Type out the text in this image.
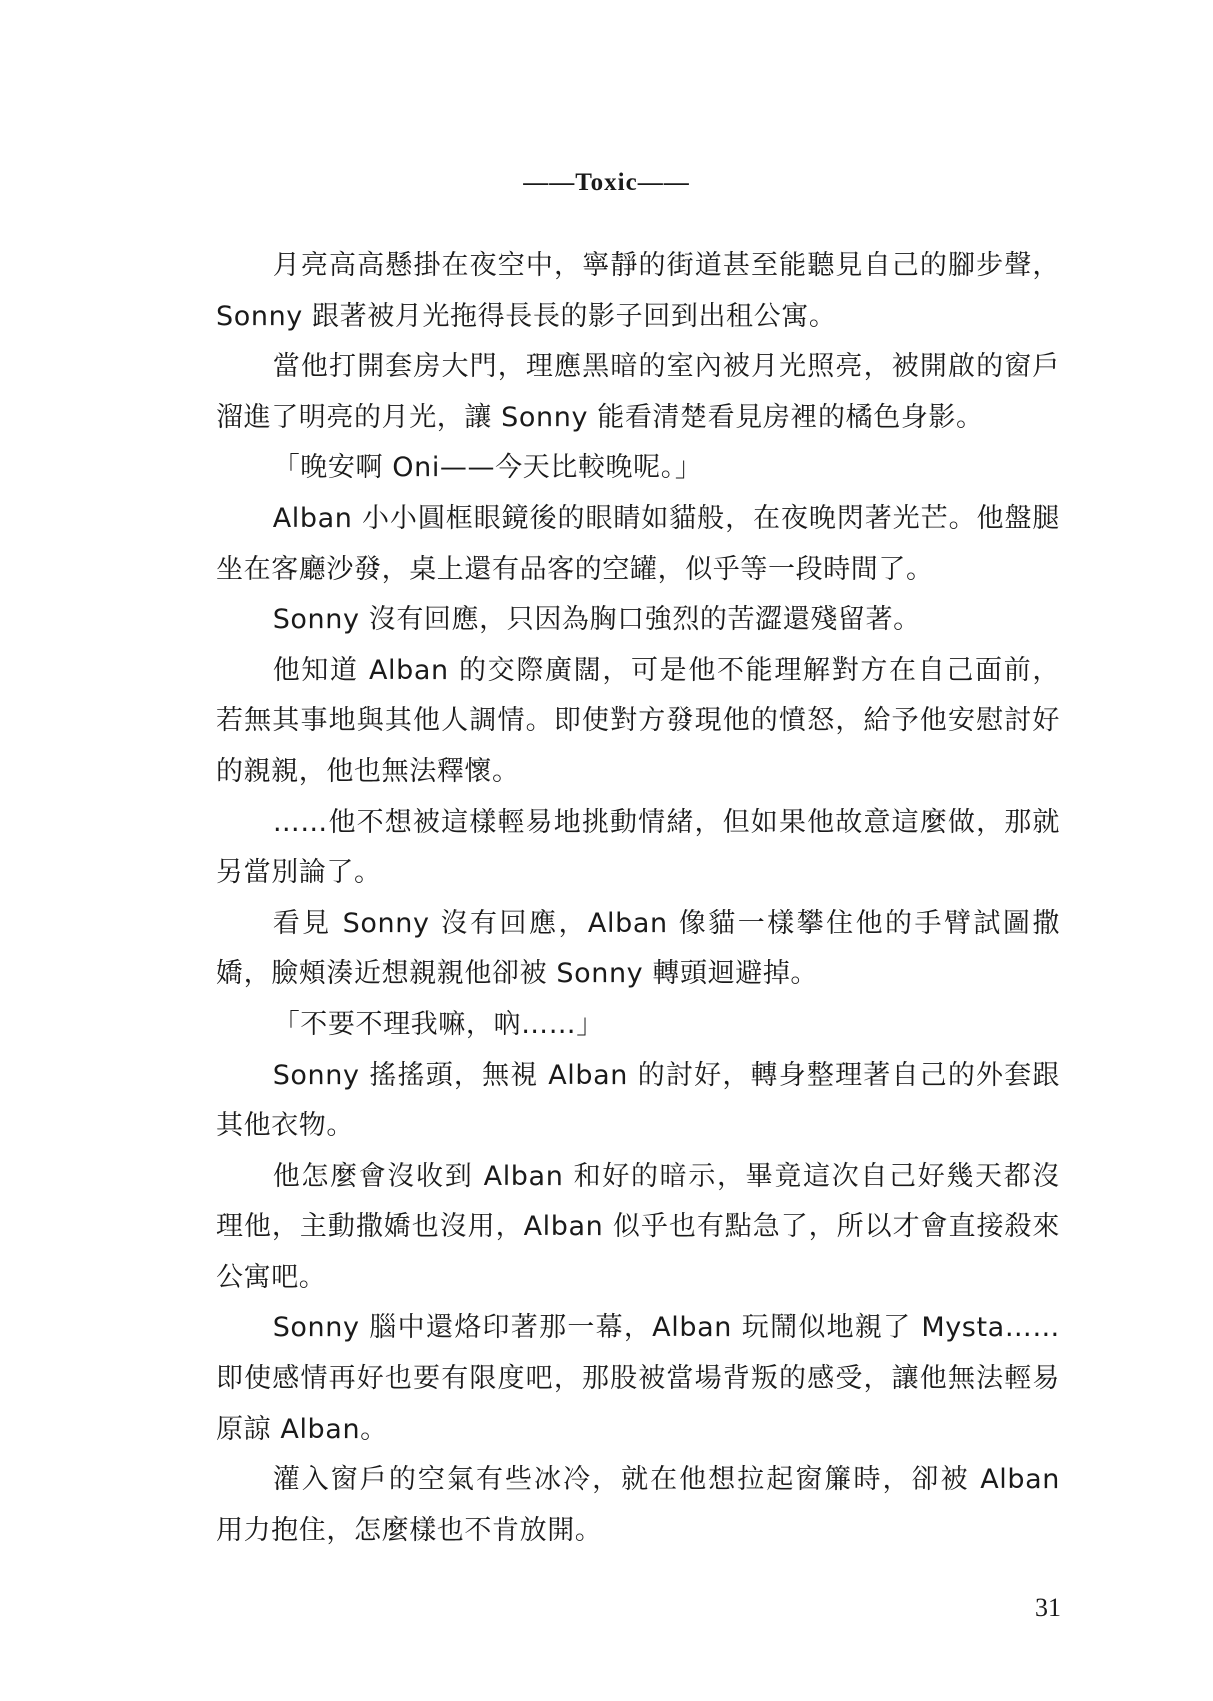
——Toxic——

月亮高高懸掛在夜空中，寧靜的街道甚至能聽見自己的腳步聲，Sonny 跟著被月光拖得長長的影子回到出租公寓。

當他打開套房大門，理應黑暗的室內被月光照亮，被開啟的窗戶溜進了明亮的月光，讓 Sonny 能看清楚看見房裡的橘色身影。

「晚安啊 Oni——今天比較晚呢。」

Alban 小小圓框眼鏡後的眼睛如貓般，在夜晚閃著光芒。他盤腿坐在客廳沙發，桌上還有品客的空罐，似乎等一段時間了。

Sonny 沒有回應，只因為胸口強烈的苦澀還殘留著。

他知道 Alban 的交際廣闊，可是他不能理解對方在自己面前，若無其事地與其他人調情。即使對方發現他的憤怒，給予他安慰討好的親親，他也無法釋懷。

……他不想被這樣輕易地挑動情緒，但如果他故意這麼做，那就另當別論了。

看見 Sonny 沒有回應，Alban 像貓一樣攀住他的手臂試圖撒嬌，臉頰湊近想親親他卻被 Sonny 轉頭迴避掉。

「不要不理我嘛，吶……」

Sonny 搖搖頭，無視 Alban 的討好，轉身整理著自己的外套跟其他衣物。

他怎麼會沒收到 Alban 和好的暗示，畢竟這次自己好幾天都沒理他，主動撒嬌也沒用，Alban 似乎也有點急了，所以才會直接殺來公寓吧。

Sonny 腦中還烙印著那一幕，Alban 玩鬧似地親了 Mysta……即使感情再好也要有限度吧，那股被當場背叛的感受，讓他無法輕易原諒 Alban。

灌入窗戶的空氣有些冰冷，就在他想拉起窗簾時，卻被 Alban 用力抱住，怎麼樣也不肯放開。

31
